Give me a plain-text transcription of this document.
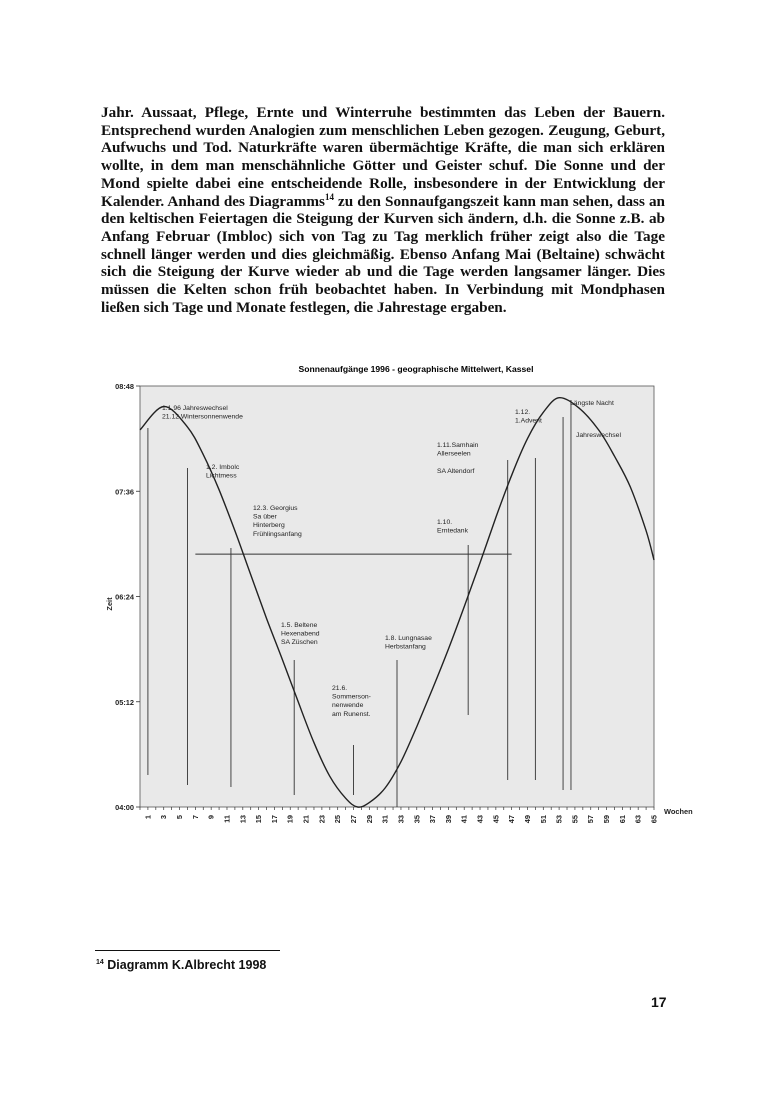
Jahr. Aussaat, Pflege, Ernte und Winterruhe bestimmten das Leben der Bauern. Entsprechend wurden Analogien zum menschlichen Leben gezogen. Zeugung, Geburt, Aufwuchs und Tod. Naturkräfte waren übermächtige Kräfte, die man sich erklären wollte, in dem man menschähnliche Götter und Geister schuf. Die Sonne und der Mond spielte dabei eine entscheidende Rolle, insbesondere in der Entwicklung der Kalender. Anhand des Diagramms$^{14}$ zu den Sonnaufgangszeit kann man sehen, dass an den keltischen Feiertagen die Steigung der Kurven sich ändern, d.h. die Sonne z.B. ab Anfang Februar (Imbloc) sich von Tag zu Tag merklich früher zeigt also die Tage schnell länger werden und dies gleichmäßig. Ebenso Anfang Mai (Beltaine) schwächt sich die Steigung der Kurve wieder ab und die Tage werden langsamer länger. Dies müssen die Kelten schon früh beobachtet haben. In Verbindung mit Mondphasen ließen sich Tage und Monate festlegen, die Jahrestage ergaben.

Sonnenaufgänge 1996 - geographische Mittelwert, Kassel
04:00
05:12
06:24
07:36
08:48
1 3 5 7 9 11 13 15 17 19 21 23 25 27 29 31 33 35 37 39 41 43 45 47 49 51 53 55 57 59 61 63 65
1.1.96 Jahreswechsel
21.12.Wintersonnenwende
1.2. Imbolc
Lichtmess
12.3. Georgius
Sa über
Hinterberg
Frühlingsanfang
1.5. Beltene
Hexenabend
SA Züschen
21.6.
Sommerson-
nenwende
am Runenst.
1.8. Lungnasae
Herbstanfang
1.10.
Erntedank
1.11.Samhain
Allerseelen
SA Altendorf
1.12.
1.Advent
Längste Nacht
Jahreswechsel
Zeit
Wochen
$^{14}$ Diagramm K.Albrecht 1998
17
